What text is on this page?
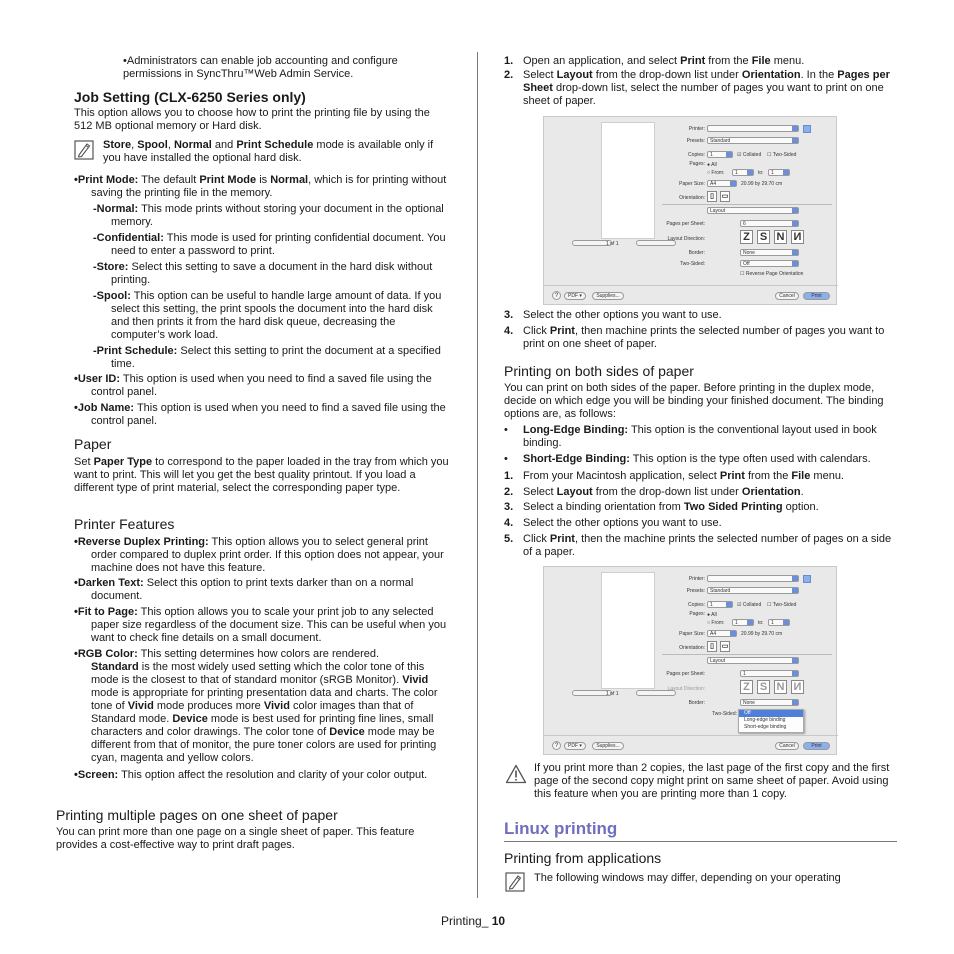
•Administrators can enable job accounting and configure permissions in SyncThru™Web Admin Service.

Job Setting (CLX-6250 Series only)

This option allows you to choose how to print the printing file by using the 512 MB optional memory or Hard disk.

Store, Spool, Normal and Print Schedule mode is available only if you have installed the optional hard disk.

•Print Mode: The default Print Mode is Normal, which is for printing without saving the printing file in the memory.

-Normal: This mode prints without storing your document in the optional memory.

-Confidential: This mode is used for printing confidential document. You need to enter a password to print.

-Store: Select this setting to save a document in the hard disk without printing.

-Spool: This option can be useful to handle large amount of data. If you select this setting, the print spools the document into the hard disk and then prints it from the hard disk queue, decreasing the computer’s work load.

-Print Schedule: Select this setting to print the document at a specified time.

•User ID: This option is used when you need to find a saved file using the control panel.

•Job Name: This option is used when you need to find a saved file using the control panel.

Paper

Set Paper Type to correspond to the paper loaded in the tray from which you want to print. This will let you get the best quality printout. If you load a different type of print material, select the corresponding paper type.

Printer Features

•Reverse Duplex Printing: This option allows you to select general print order compared to duplex print order. If this option does not appear, your machine does not have this feature.

•Darken Text: Select this option to print texts darker than on a normal document.

•Fit to Page: This option allows you to scale your print job to any selected paper size regardless of the document size. This can be useful when you want to check fine details on a small document.

•RGB Color: This setting determines how colors are rendered.

Standard is the most widely used setting which the color tone of this mode is the closest to that of standard monitor (sRGB Monitor). Vivid mode is appropriate for printing presentation data and charts. The color tone of Vivid mode produces more Vivid color images than that of Standard mode. Device mode is best used for printing fine lines, small characters and color drawings. The color tone of Device mode may be different from that of monitor, the pure toner colors are used for printing cyan, magenta and yellow colors.

•Screen: This option affect the resolution and clarity of your color output.

Printing multiple pages on one sheet of paper

You can print more than one page on a single sheet of paper. This feature provides a cost-effective way to print draft pages.

1. Open an application, and select Print from the File menu.
2. Select Layout from the drop-down list under Orientation. In the Pages per Sheet drop-down list, select the number of pages you want to print on one sheet of paper.
1 of 1
Printer:
Presets:	Standard
Copies:	1	☑ Collated ☐ Two-Sided
Pages: ● All
○ From:	1	to:	1
Paper Size:	A4	20.99 by 29.70 cm
Orientation: ▯	▭
Layout
Pages per Sheet:	6
Layout Direction:	Z S N И
Border:	None
Two-Sided:	Off
☐ Reverse Page Orientation
?	PDF ▾	Supplies...	Cancel	Print
3. Select the other options you want to use.
4. Click Print, then machine prints the selected number of pages you want to print on one sheet of paper.
Printing on both sides of paper

You can print on both sides of the paper. Before printing in the duplex mode, decide on which edge you will be binding your finished document. The binding options are, as follows:

•	Long-Edge Binding: This option is the conventional layout used in book binding.
•	Short-Edge Binding: This option is the type often used with calendars.
1. From your Macintosh application, select Print from the File menu.
2. Select Layout from the drop-down list under Orientation.
3. Select a binding orientation from Two Sided Printing option.
4. Select the other options you want to use.
5. Click Print, then the machine prints the selected number of pages on a side of a paper.
1 of 1
Printer:
Presets:	Standard
Copies:	1	☑ Collated ☐ Two-Sided
Pages: ● All
○ From:	1	to:	1
Paper Size:	A4	20.99 by 29.70 cm
Orientation: ▯	▭
Layout
Pages per Sheet:	1
Layout Direction:	Z S N И
Border:	None
Two-Sided:	Off
Long-edge binding
Short-edge binding
?	PDF ▾	Supplies...	Cancel	Print

If you print more than 2 copies, the last page of the first copy and the first page of the second copy might print on same sheet of paper. Avoid using this feature when you are printing more than 1 copy.

Linux printing
Printing from applications

The following windows may differ, depending on your operating

Printing_ 10
